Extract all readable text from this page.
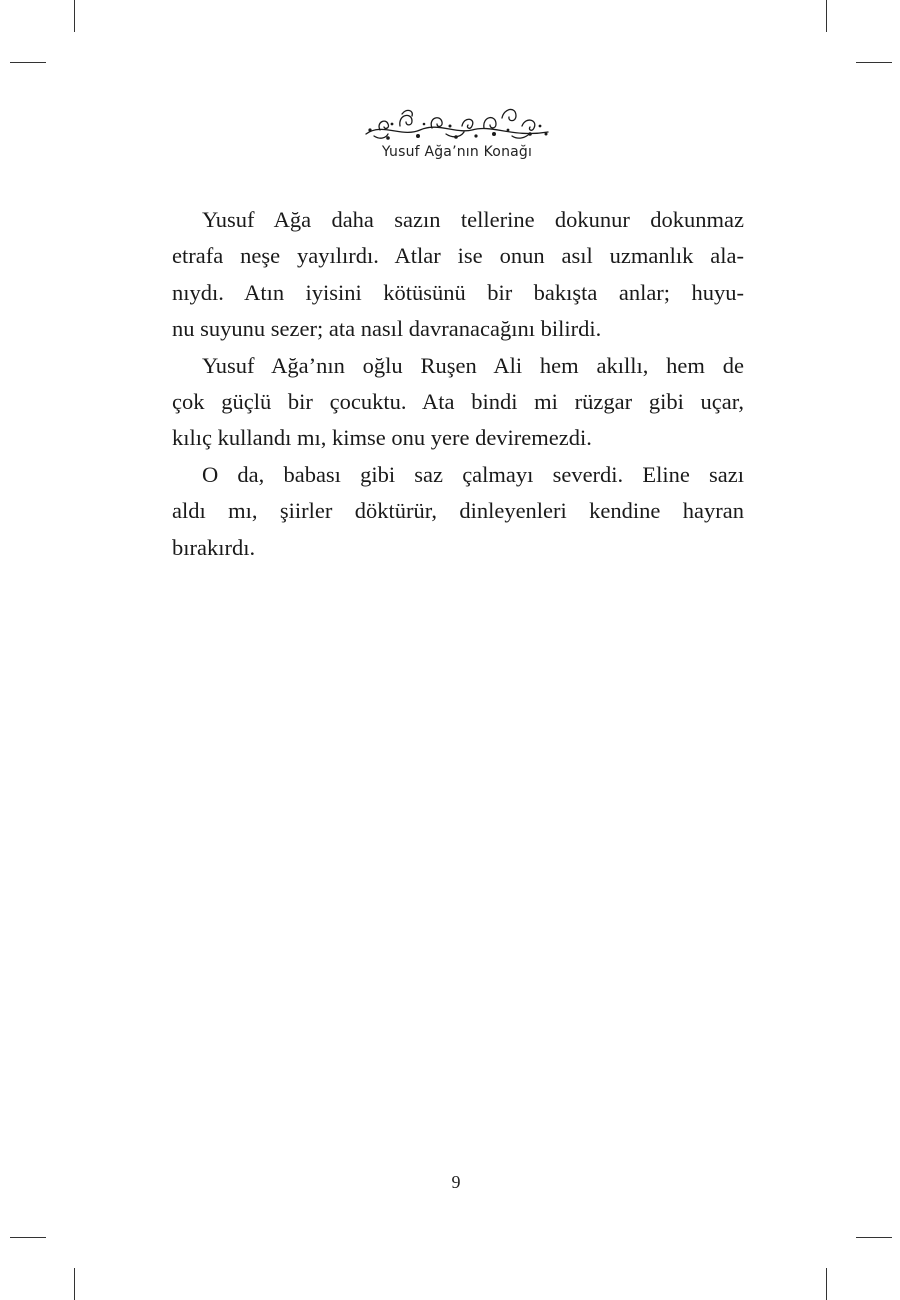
Yusuf Ağa’nın Konağı

Yusuf Ağa daha sazın tellerine dokunur dokunmaz
etrafa neşe yayılırdı. Atlar ise onun asıl uzmanlık ala-
nıydı. Atın iyisini kötüsünü bir bakışta anlar; huyu-
nu suyunu sezer; ata nasıl davranacağını bilirdi.

Yusuf Ağa’nın oğlu Ruşen Ali hem akıllı, hem de
çok güçlü bir çocuktu. Ata bindi mi rüzgar gibi uçar,
kılıç kullandı mı, kimse onu yere deviremezdi.

O da, babası gibi saz çalmayı severdi. Eline sazı
aldı mı, şiirler döktürür, dinleyenleri kendine hayran
bırakırdı.

9
